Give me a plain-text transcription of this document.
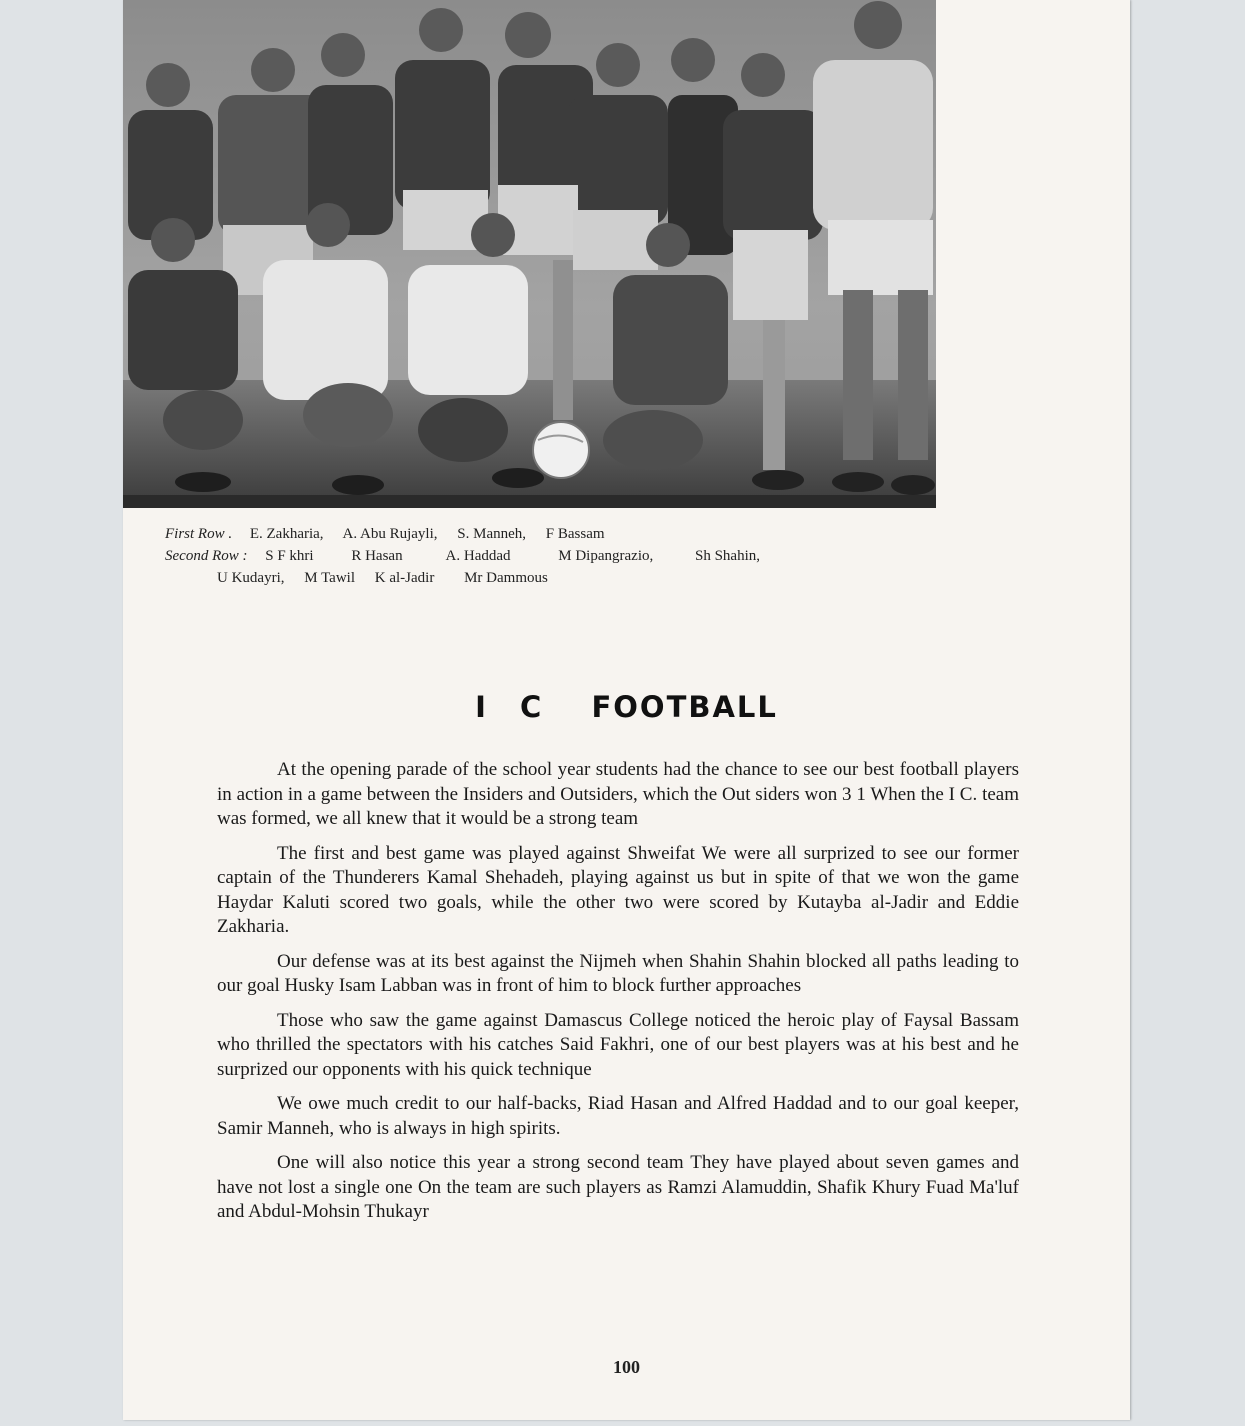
First Row . E. Zakharia, A. Abu Rujayli, S. Manneh, F Bassam
Second Row : S F khri	R Hasan	A. Haddad	M Dipangrazio,	Sh Shahin,
U Kudayri, M Tawil K al-Jadir Mr Dammous
I C FOOTBALL

At the opening parade of the school year students had the chance to see our best football players in action in a game between the Insiders and Outsiders, which the Out siders won 3 1 When the I C. team was formed, we all knew that it would be a strong team

The first and best game was played against Shweifat We were all surprized to see our former captain of the Thunderers Kamal Shehadeh, playing against us but in spite of that we won the game Haydar Kaluti scored two goals, while the other two were scored by Kutayba al-Jadir and Eddie Zakharia.

Our defense was at its best against the Nijmeh when Shahin Shahin blocked all paths leading to our goal Husky Isam Labban was in front of him to block further approaches

Those who saw the game against Damascus College noticed the heroic play of Faysal Bassam who thrilled the spectators with his catches Said Fakhri, one of our best players was at his best and he surprized our opponents with his quick technique

We owe much credit to our half-backs, Riad Hasan and Alfred Haddad and to our goal keeper, Samir Manneh, who is always in high spirits.

One will also notice this year a strong second team They have played about seven games and have not lost a single one On the team are such players as Ramzi Alamuddin, Shafik Khury Fuad Ma'luf and Abdul-Mohsin Thukayr

100
